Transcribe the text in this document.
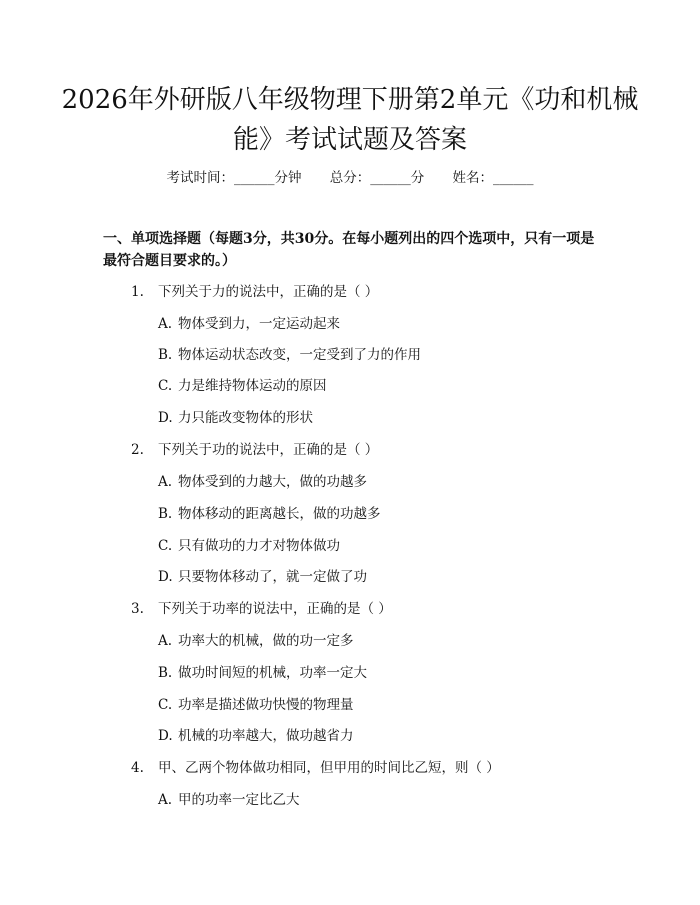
2026年外研版八年级物理下册第2单元《功和机械能》考试试题及答案
考试时间：______分钟 总分：______分 姓名：______

一、单项选择题（每题3分，共30分。在每小题列出的四个选项中，只有一项是最符合题目要求的。）

1. 下列关于力的说法中，正确的是（ ）
A. 物体受到力，一定运动起来
B. 物体运动状态改变，一定受到了力的作用
C. 力是维持物体运动的原因
D. 力只能改变物体的形状
2. 下列关于功的说法中，正确的是（ ）
A. 物体受到的力越大，做的功越多
B. 物体移动的距离越长，做的功越多
C. 只有做功的力才对物体做功
D. 只要物体移动了，就一定做了功
3. 下列关于功率的说法中，正确的是（ ）
A. 功率大的机械，做的功一定多
B. 做功时间短的机械，功率一定大
C. 功率是描述做功快慢的物理量
D. 机械的功率越大，做功越省力
4. 甲、乙两个物体做功相同，但甲用的时间比乙短，则（ ）
A. 甲的功率一定比乙大
